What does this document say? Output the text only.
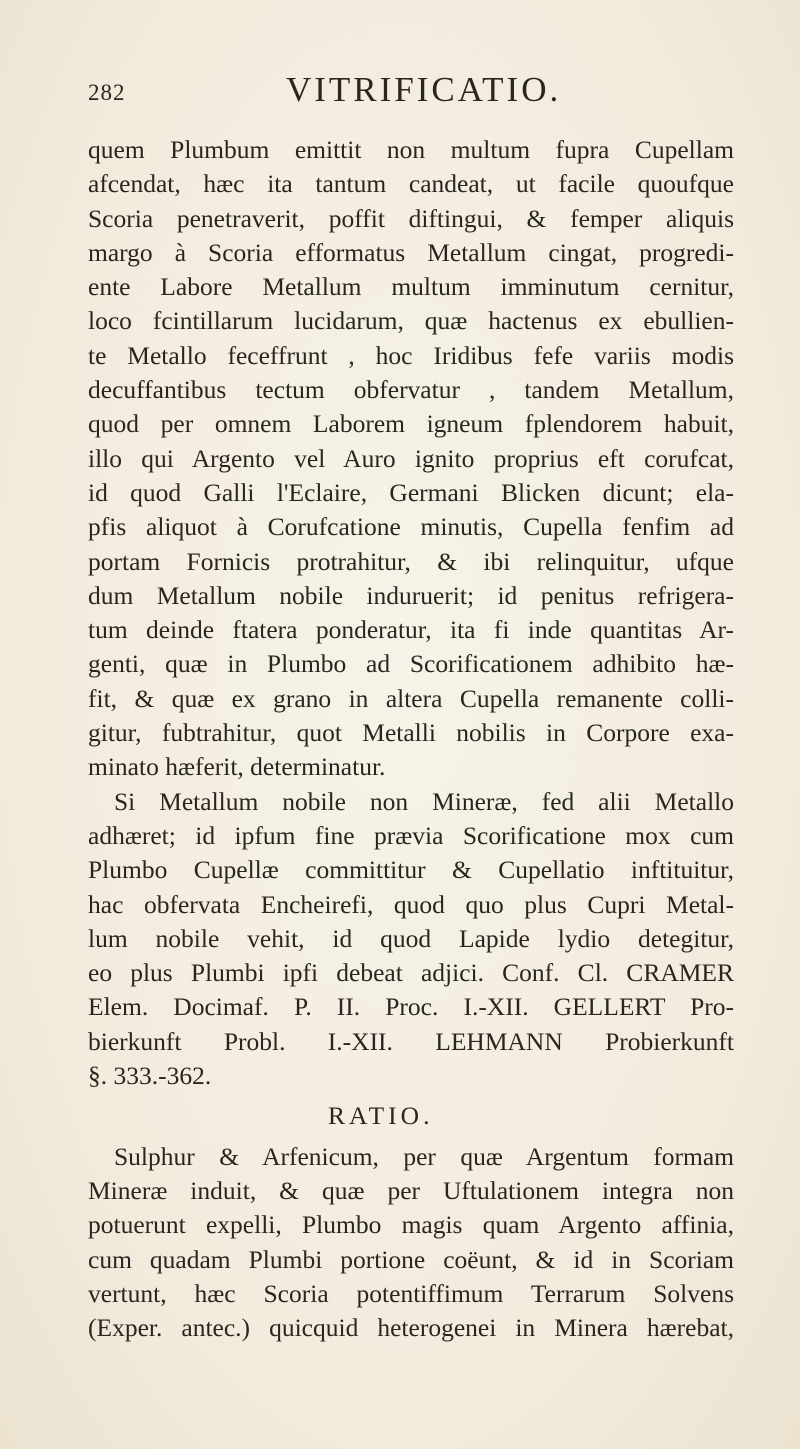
282	VITRIFICATIO.
quem Plumbum emittit non multum fupra Cupellam
afcendat, hæc ita tantum candeat, ut facile quoufque
Scoria penetraverit, poffit diftingui, & femper aliquis
margo à Scoria efformatus Metallum cingat, progredi-
ente Labore Metallum multum imminutum cernitur,
loco fcintillarum lucidarum, quæ hactenus ex ebullien-
te Metallo feceffrunt , hoc Iridibus fefe variis modis
decuffantibus tectum obfervatur , tandem Metallum,
quod per omnem Laborem igneum fplendorem habuit,
illo qui Argento vel Auro ignito proprius eft corufcat,
id quod Galli l'Eclaire, Germani Blicken dicunt; ela-
pfis aliquot à Corufcatione minutis, Cupella fenfim ad
portam Fornicis protrahitur, & ibi relinquitur, ufque
dum Metallum nobile induruerit; id penitus refrigera-
tum deinde ftatera ponderatur, ita fi inde quantitas Ar-
genti, quæ in Plumbo ad Scorificationem adhibito hæ-
fit, & quæ ex grano in altera Cupella remanente colli-
gitur, fubtrahitur, quot Metalli nobilis in Corpore exa-
minato hæferit, determinatur.
Si Metallum nobile non Mineræ, fed alii Metallo
adhæret; id ipfum fine prævia Scorificatione mox cum
Plumbo Cupellæ committitur & Cupellatio inftituitur,
hac obfervata Encheirefi, quod quo plus Cupri Metal-
lum nobile vehit, id quod Lapide lydio detegitur,
eo plus Plumbi ipfi debeat adjici. Conf. Cl. CRAMER
Elem. Docimaf. P. II. Proc. I.-XII. GELLERT Pro-
bierkunft Probl. I.-XII. LEHMANN Probierkunft
§. 333.-362.
RATIO.
Sulphur & Arfenicum, per quæ Argentum formam
Mineræ induit, & quæ per Uftulationem integra non
potuerunt expelli, Plumbo magis quam Argento affinia,
cum quadam Plumbi portione coëunt, & id in Scoriam
vertunt, hæc Scoria potentiffimum Terrarum Solvens
(Exper. antec.) quicquid heterogenei in Minera hærebat,
